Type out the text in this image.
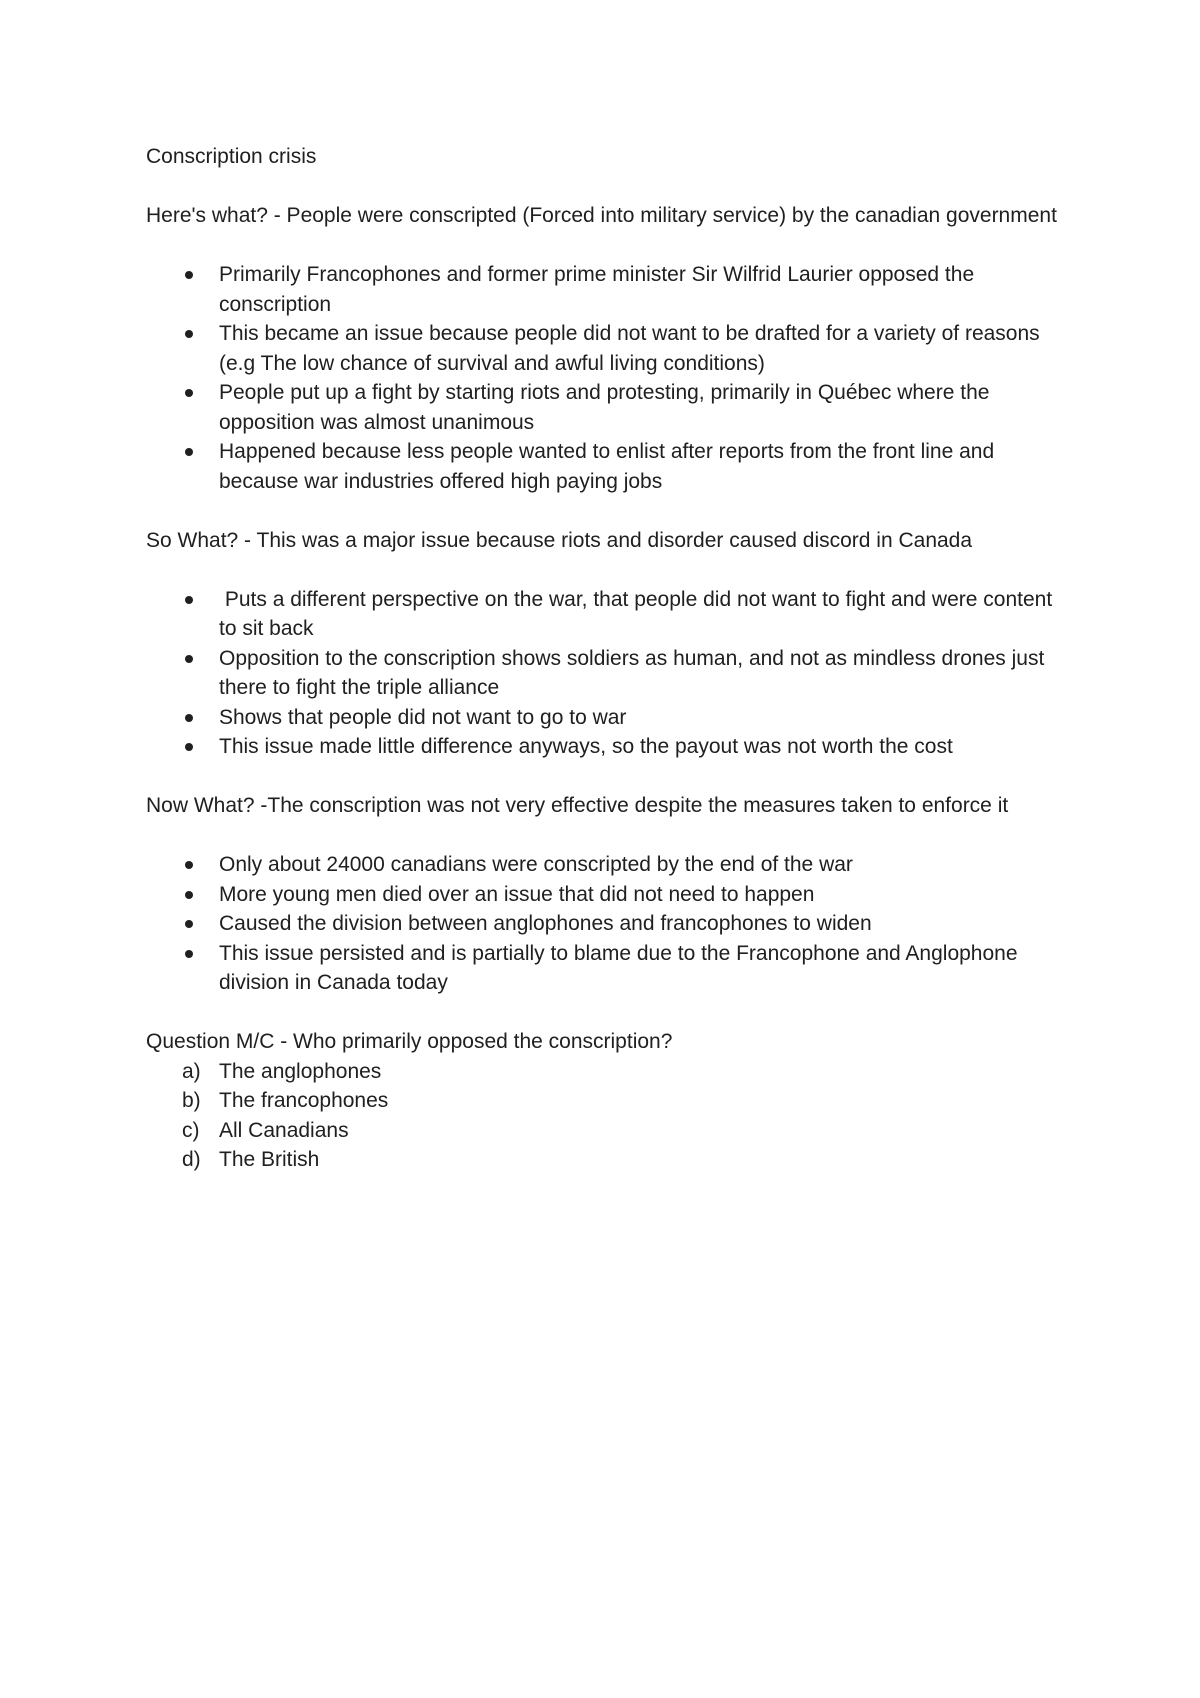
Conscription crisis

Here's what? - People were conscripted (Forced into military service) by the canadian government

Primarily Francophones and former prime minister Sir Wilfrid Laurier opposed the conscription
This became an issue because people did not want to be drafted for a variety of reasons (e.g The low chance of survival and awful living conditions)
People put up a fight by starting riots and protesting, primarily in Québec where the opposition was almost unanimous
Happened because less people wanted to enlist after reports from the front line and because war industries offered high paying jobs

So What? - This was a major issue because riots and disorder caused discord in Canada

Puts a different perspective on the war, that people did not want to fight and were content to sit back
Opposition to the conscription shows soldiers as human, and not as mindless drones just there to fight the triple alliance
Shows that people did not want to go to war
This issue made little difference anyways, so the payout was not worth the cost

Now What? -The conscription was not very effective despite the measures taken to enforce it

Only about 24000 canadians were conscripted by the end of the war
More young men died over an issue that did not need to happen
Caused the division between anglophones and francophones to widen
This issue persisted and is partially to blame due to the Francophone and Anglophone division in Canada today

Question M/C - Who primarily opposed the conscription?

a) The anglophones
b) The francophones
c) All Canadians
d) The British
